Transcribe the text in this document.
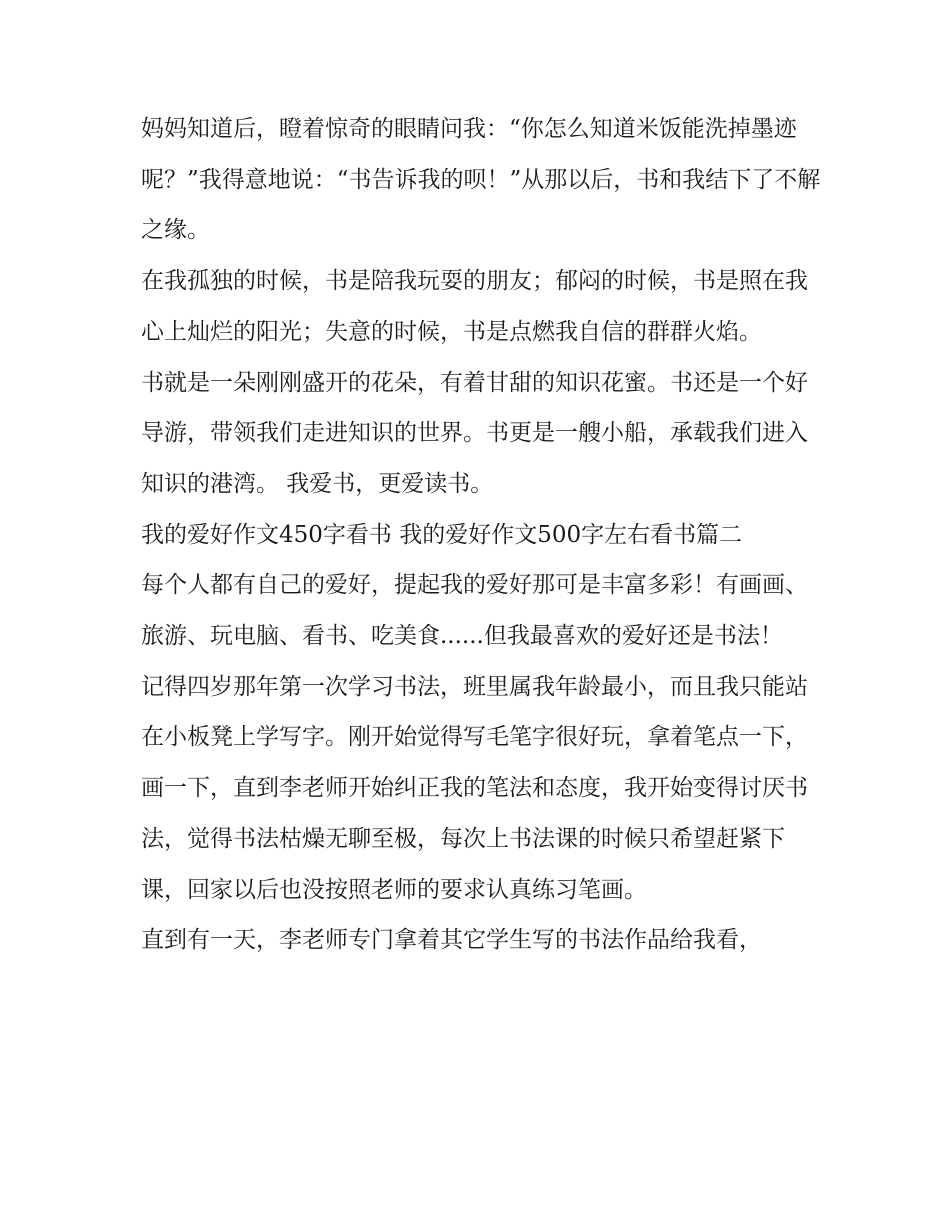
妈妈知道后，瞪着惊奇的眼睛问我：“你怎么知道米饭能洗掉墨迹呢？”我得意地说：“书告诉我的呗！”从那以后，书和我结下了不解之缘。

在我孤独的时候，书是陪我玩耍的朋友；郁闷的时候，书是照在我心上灿烂的阳光；失意的时候，书是点燃我自信的群群火焰。

书就是一朵刚刚盛开的花朵，有着甘甜的知识花蜜。书还是一个好导游，带领我们走进知识的世界。书更是一艘小船，承载我们进入知识的港湾。 我爱书，更爱读书。

我的爱好作文450字看书 我的爱好作文500字左右看书篇二

每个人都有自己的爱好，提起我的爱好那可是丰富多彩！有画画、旅游、玩电脑、看书、吃美食......但我最喜欢的爱好还是书法！

记得四岁那年第一次学习书法，班里属我年龄最小，而且我只能站在小板凳上学写字。刚开始觉得写毛笔字很好玩，拿着笔点一下，画一下，直到李老师开始纠正我的笔法和态度，我开始变得讨厌书法，觉得书法枯燥无聊至极，每次上书法课的时候只希望赶紧下课，回家以后也没按照老师的要求认真练习笔画。

直到有一天，李老师专门拿着其它学生写的书法作品给我看，
